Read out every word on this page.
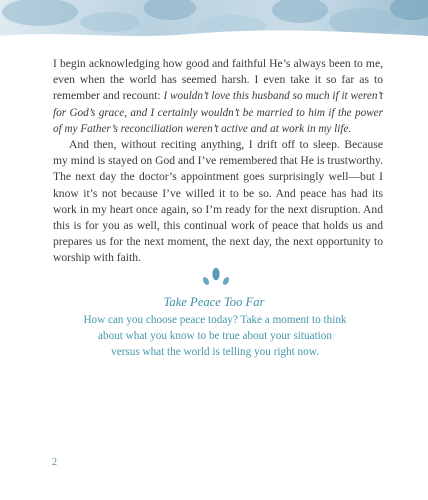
I begin acknowledging how good and faithful He’s always been to me, even when the world has seemed harsh. I even take it so far as to remember and recount: I wouldn’t love this husband so much if it weren’t for God’s grace, and I certainly wouldn’t be married to him if the power of my Father’s reconciliation weren’t active and at work in my life.

And then, without reciting anything, I drift off to sleep. Because my mind is stayed on God and I’ve remembered that He is trustworthy. The next day the doctor’s appointment goes surprisingly well—but I know it’s not because I’ve willed it to be so. And peace has had its work in my heart once again, so I’m ready for the next disruption. And this is for you as well, this continual work of peace that holds us and prepares us for the next moment, the next day, the next opportunity to worship with faith.

Take Peace Too Far
How can you choose peace today? Take a moment to think
about what you know to be true about your situation
versus what the world is telling you right now.
2
